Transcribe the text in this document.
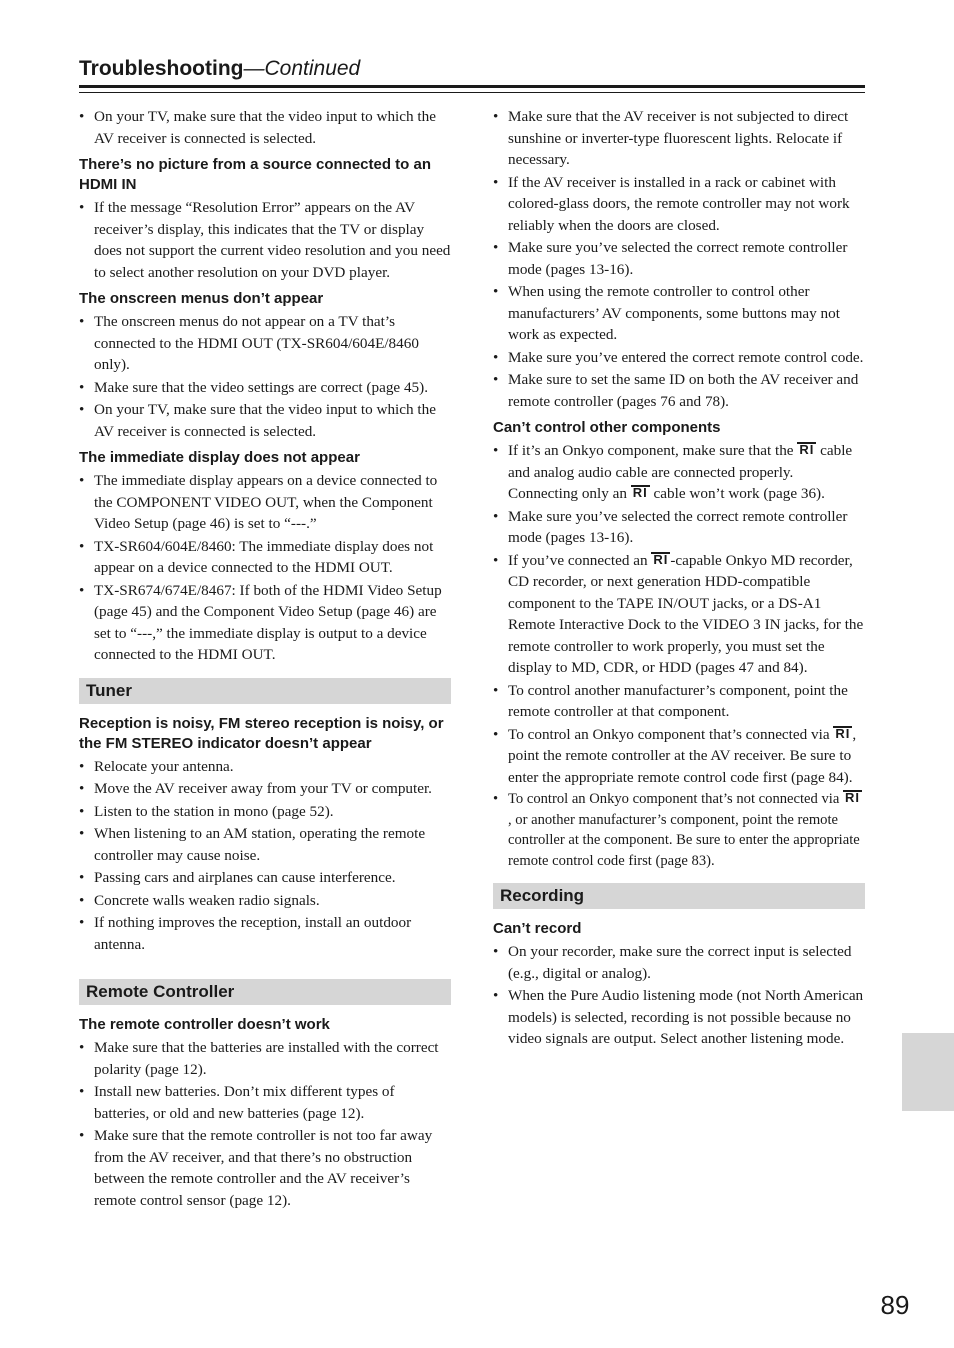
Troubleshooting—Continued
• On your TV, make sure that the video input to which the AV receiver is connected is selected.
There’s no picture from a source connected to an HDMI IN
• If the message “Resolution Error” appears on the AV receiver’s display, this indicates that the TV or display does not support the current video resolution and you need to select another resolution on your DVD player.
The onscreen menus don’t appear
• The onscreen menus do not appear on a TV that’s connected to the HDMI OUT (TX-SR604/604E/8460 only).
• Make sure that the video settings are correct (page 45).
• On your TV, make sure that the video input to which the AV receiver is connected is selected.
The immediate display does not appear
• The immediate display appears on a device connected to the COMPONENT VIDEO OUT, when the Component Video Setup (page 46) is set to “---.”
• TX-SR604/604E/8460: The immediate display does not appear on a device connected to the HDMI OUT.
• TX-SR674/674E/8467: If both of the HDMI Video Setup (page 45) and the Component Video Setup (page 46) are set to “---,” the immediate display is output to a device connected to the HDMI OUT.
Tuner
Reception is noisy, FM stereo reception is noisy, or the FM STEREO indicator doesn’t appear
• Relocate your antenna.
• Move the AV receiver away from your TV or computer.
• Listen to the station in mono (page 52).
• When listening to an AM station, operating the remote controller may cause noise.
• Passing cars and airplanes can cause interference.
• Concrete walls weaken radio signals.
• If nothing improves the reception, install an outdoor antenna.
Remote Controller
The remote controller doesn’t work
• Make sure that the batteries are installed with the correct polarity (page 12).
• Install new batteries. Don’t mix different types of batteries, or old and new batteries (page 12).
• Make sure that the remote controller is not too far away from the AV receiver, and that there’s no obstruction between the remote controller and the AV receiver’s remote control sensor (page 12).
• Make sure that the AV receiver is not subjected to direct sunshine or inverter-type fluorescent lights. Relocate if necessary.
• If the AV receiver is installed in a rack or cabinet with colored-glass doors, the remote controller may not work reliably when the doors are closed.
• Make sure you’ve selected the correct remote controller mode (pages 13-16).
• When using the remote controller to control other manufacturers’ AV components, some buttons may not work as expected.
• Make sure you’ve entered the correct remote control code.
• Make sure to set the same ID on both the AV receiver and remote controller (pages 76 and 78).
Can’t control other components
• If it’s an Onkyo component, make sure that the RI cable and analog audio cable are connected properly. Connecting only an RI cable won’t work (page 36).
• Make sure you’ve selected the correct remote controller mode (pages 13-16).
• If you’ve connected an RI -capable Onkyo MD recorder, CD recorder, or next generation HDD-compatible component to the TAPE IN/OUT jacks, or a DS-A1 Remote Interactive Dock to the VIDEO 3 IN jacks, for the remote controller to work properly, you must set the display to MD, CDR, or HDD (pages 47 and 84).
• To control another manufacturer’s component, point the remote controller at that component.
• To control an Onkyo component that’s connected via RI , point the remote controller at the AV receiver. Be sure to enter the appropriate remote control code first (page 84).
• To control an Onkyo component that’s not connected via RI, or another manufacturer’s component, point the remote controller at the component. Be sure to enter the appropriate remote control code first (page 83).
Recording
Can’t record
• On your recorder, make sure the correct input is selected (e.g., digital or analog).
• When the Pure Audio listening mode (not North American models) is selected, recording is not possible because no video signals are output. Select another listening mode.
89
